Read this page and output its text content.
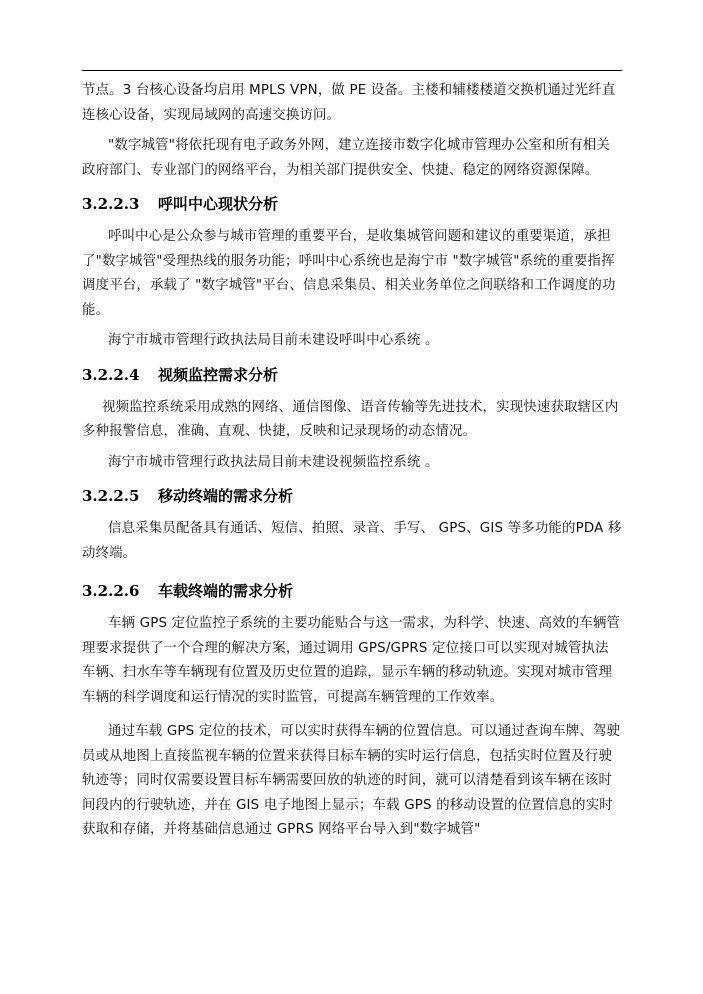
节点。3 台核心设备均启用 MPLS VPN，做 PE 设备。主楼和辅楼楼道交换机通过光纤直连核心设备，实现局域网的高速交换访问。

"数字城管"将依托现有电子政务外网，建立连接市数字化城市管理办公室和所有相关政府部门、专业部门的网络平台，为相关部门提供安全、快捷、稳定的网络资源保障。

3.2.2.3 呼叫中心现状分析

呼叫中心是公众参与城市管理的重要平台，是收集城管问题和建议的重要渠道，承担了"数字城管"受理热线的服务功能；呼叫中心系统也是海宁市 "数字城管"系统的重要指挥调度平台，承载了 "数字城管"平台、信息采集员、相关业务单位之间联络和工作调度的功能。

海宁市城市管理行政执法局目前未建设呼叫中心系统 。

3.2.2.4 视频监控需求分析

视频监控系统采用成熟的网络、通信图像、语音传输等先进技术，实现快速获取辖区内多种报警信息，准确、直观、快捷，反映和记录现场的动态情况。

海宁市城市管理行政执法局目前未建设视频监控系统 。

3.2.2.5 移动终端的需求分析

信息采集员配备具有通话、短信、拍照、录音、手写、 GPS、GIS 等多功能的PDA 移动终端。

3.2.2.6 车载终端的需求分析

车辆 GPS 定位监控子系统的主要功能贴合与这一需求，为科学、快速、高效的车辆管理要求提供了一个合理的解决方案，通过调用 GPS/GPRS 定位接口可以实现对城管执法车辆、扫水车等车辆现有位置及历史位置的追踪，显示车辆的移动轨迹。实现对城市管理车辆的科学调度和运行情况的实时监管，可提高车辆管理的工作效率。

通过车载 GPS 定位的技术，可以实时获得车辆的位置信息。可以通过查询车牌、驾驶员或从地图上直接监视车辆的位置来获得目标车辆的实时运行信息，包括实时位置及行驶轨迹等；同时仅需要设置目标车辆需要回放的轨迹的时间，就可以清楚看到该车辆在该时间段内的行驶轨迹，并在 GIS 电子地图上显示；车载 GPS 的移动设置的位置信息的实时获取和存储，并将基础信息通过 GPRS 网络平台导入到"数字城管"
